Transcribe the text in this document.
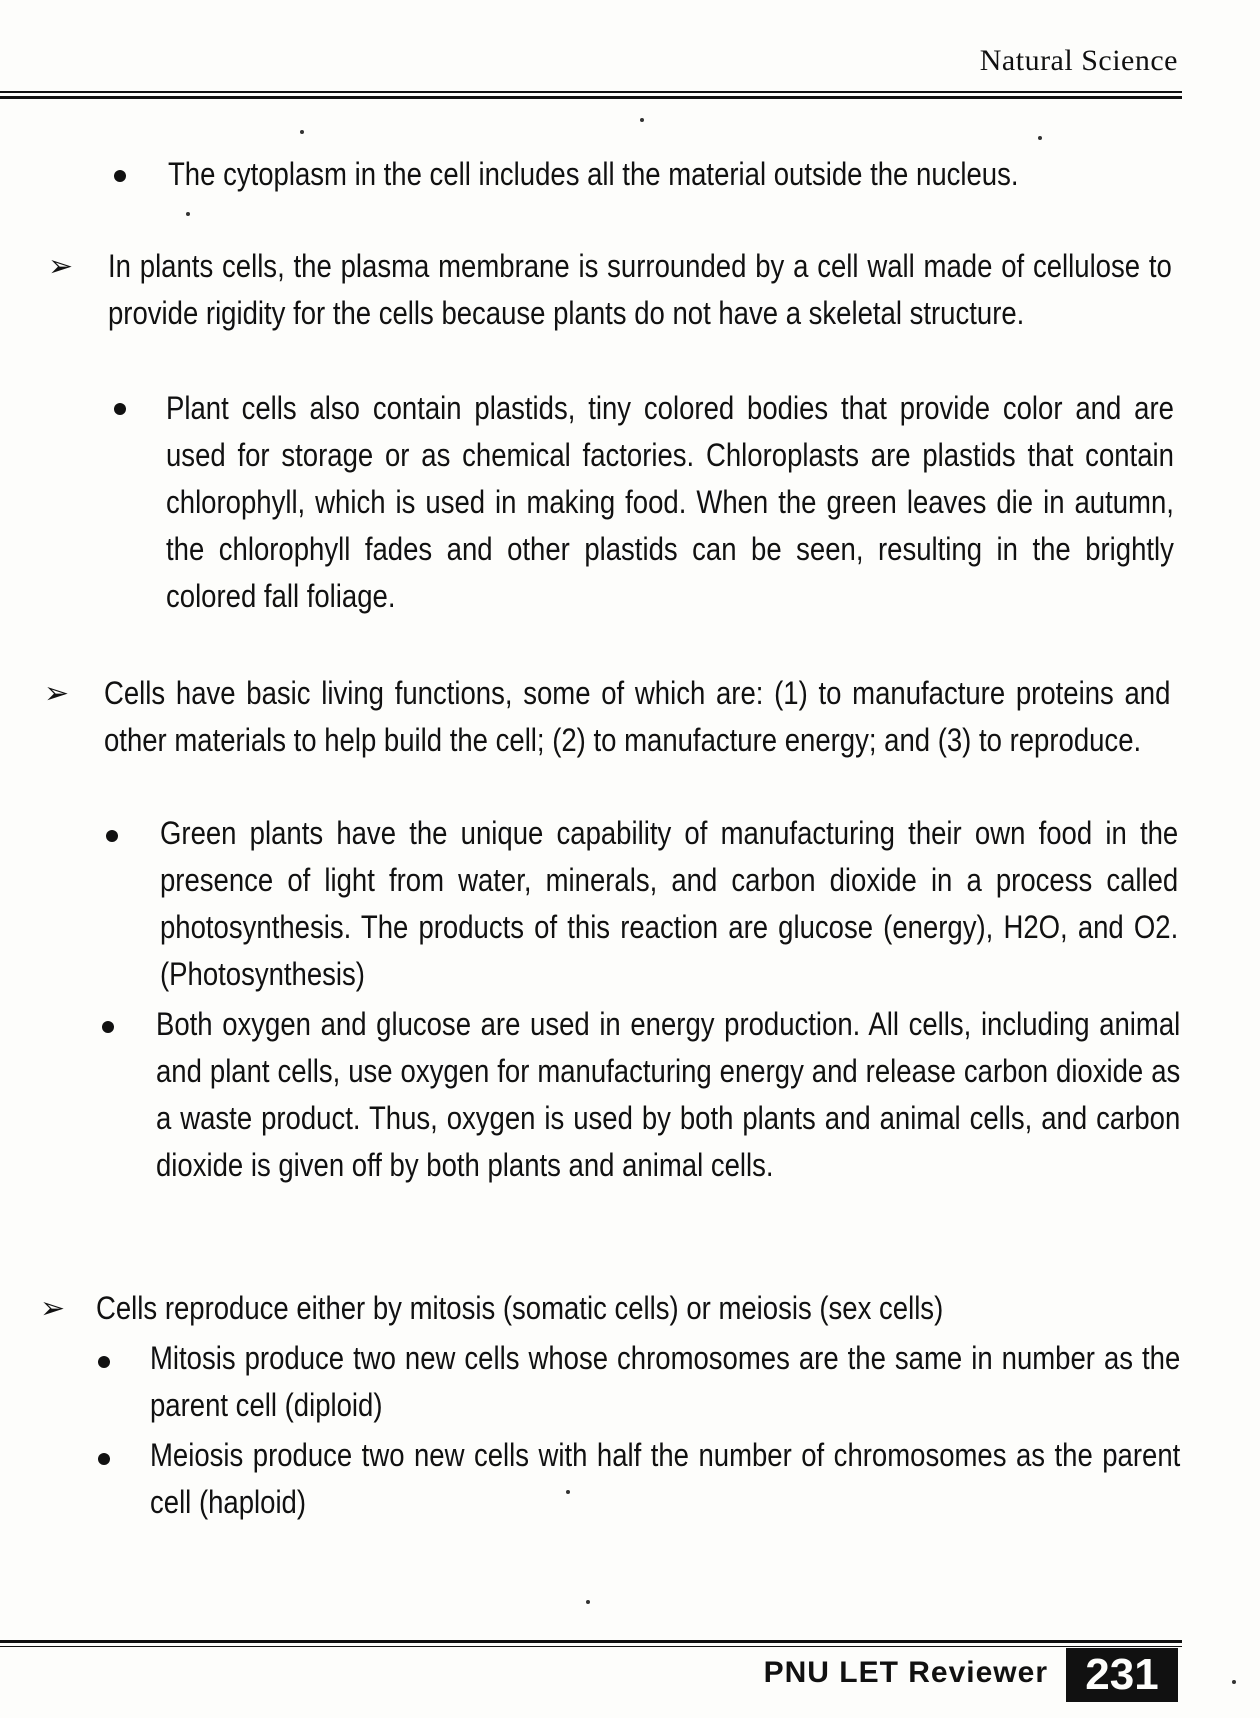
Natural Science
The cytoplasm in the cell includes all the material outside the nucleus.
➢ In plants cells, the plasma membrane is surrounded by a cell wall made of cellulose to provide rigidity for the cells because plants do not have a skeletal structure.
Plant cells also contain plastids, tiny colored bodies that provide color and are used for storage or as chemical factories. Chloroplasts are plastids that contain chlorophyll, which is used in making food. When the green leaves die in autumn, the chlorophyll fades and other plastids can be seen, resulting in the brightly colored fall foliage.
➢ Cells have basic living functions, some of which are: (1) to manufacture proteins and other materials to help build the cell; (2) to manufacture energy; and (3) to reproduce.
Green plants have the unique capability of manufacturing their own food in the presence of light from water, minerals, and carbon dioxide in a process called photosynthesis. The products of this reaction are glucose (energy), H2O, and O2. (Photosynthesis)
Both oxygen and glucose are used in energy production. All cells, including animal and plant cells, use oxygen for manufacturing energy and release carbon dioxide as a waste product. Thus, oxygen is used by both plants and animal cells, and carbon dioxide is given off by both plants and animal cells.
➢ Cells reproduce either by mitosis (somatic cells) or meiosis (sex cells)
Mitosis produce two new cells whose chromosomes are the same in number as the parent cell (diploid)
Meiosis produce two new cells with half the number of chromosomes as the parent cell (haploid)
PNU LET Reviewer 231
